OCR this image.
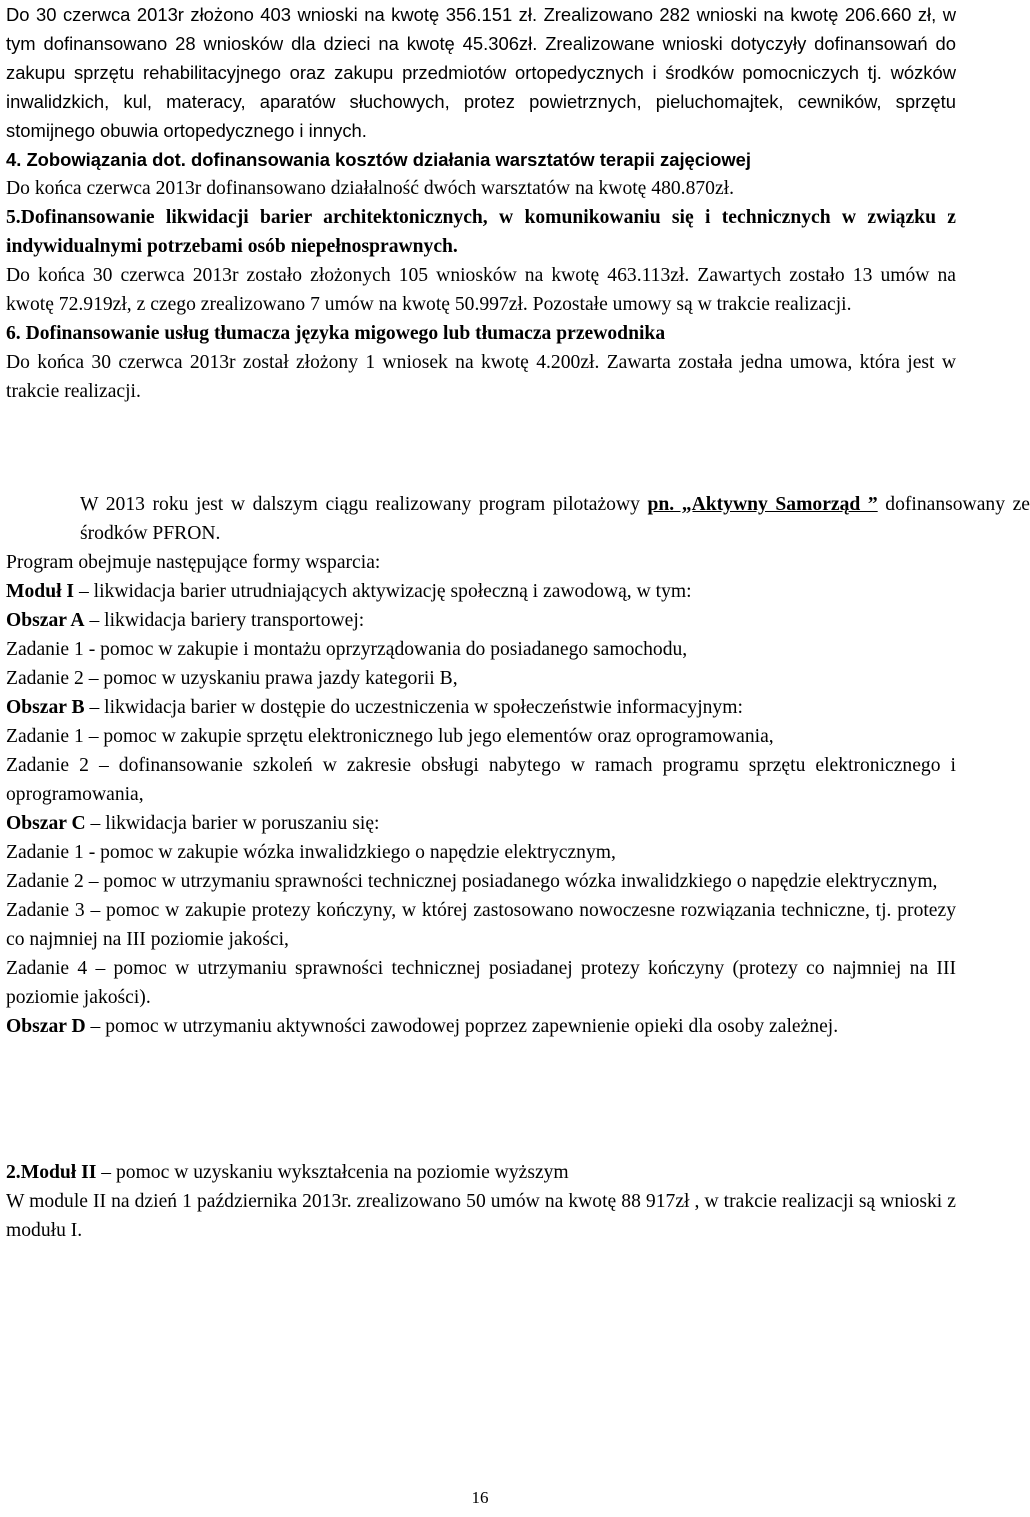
Do 30 czerwca 2013r złożono 403 wnioski na kwotę 356.151 zł. Zrealizowano 282 wnioski na kwotę 206.660 zł, w tym dofinansowano 28 wniosków dla dzieci na kwotę 45.306zł. Zrealizowane wnioski dotyczyły dofinansowań do zakupu sprzętu rehabilitacyjnego oraz zakupu przedmiotów ortopedycznych i środków pomocniczych tj. wózków inwalidzkich, kul, materacy, aparatów słuchowych, protez powietrznych, pieluchomajtek, cewników, sprzętu stomijnego obuwia ortopedycznego i innych.

4. Zobowiązania dot. dofinansowania kosztów działania warsztatów terapii zajęciowej

Do końca czerwca 2013r dofinansowano działalność dwóch warsztatów na kwotę 480.870zł.

5.Dofinansowanie likwidacji barier architektonicznych, w komunikowaniu się i technicznych w związku z indywidualnymi potrzebami osób niepełnosprawnych.

Do końca 30 czerwca 2013r zostało złożonych 105 wniosków na kwotę 463.113zł. Zawartych zostało 13 umów na kwotę 72.919zł, z czego zrealizowano 7 umów na kwotę 50.997zł. Pozostałe umowy są w trakcie realizacji.

6. Dofinansowanie usług tłumacza języka migowego lub tłumacza przewodnika

Do końca 30 czerwca 2013r został złożony 1 wniosek na kwotę 4.200zł. Zawarta została jedna umowa, która jest w trakcie realizacji.

W 2013 roku jest w dalszym ciągu realizowany program pilotażowy pn. „Aktywny Samorząd ” dofinansowany ze środków PFRON.

Program obejmuje następujące formy wsparcia:

Moduł I – likwidacja barier utrudniających aktywizację społeczną i zawodową, w tym:

Obszar A – likwidacja bariery transportowej:

Zadanie 1 - pomoc w zakupie i montażu oprzyrządowania do posiadanego samochodu,

Zadanie 2 – pomoc w uzyskaniu prawa jazdy kategorii B,

Obszar B – likwidacja barier w dostępie do uczestniczenia w społeczeństwie informacyjnym:

Zadanie 1 – pomoc w zakupie sprzętu elektronicznego lub jego elementów oraz oprogramowania,

Zadanie 2 – dofinansowanie szkoleń w zakresie obsługi nabytego w ramach programu sprzętu elektronicznego i oprogramowania,

Obszar C – likwidacja barier w poruszaniu się:

Zadanie 1 - pomoc w zakupie wózka inwalidzkiego o napędzie elektrycznym,

Zadanie 2 – pomoc w utrzymaniu sprawności technicznej posiadanego wózka inwalidzkiego o napędzie elektrycznym,

Zadanie 3 – pomoc w zakupie protezy kończyny, w której zastosowano nowoczesne rozwiązania techniczne, tj. protezy co najmniej na III poziomie jakości,

Zadanie 4 – pomoc w utrzymaniu sprawności technicznej posiadanej protezy kończyny (protezy co najmniej na III poziomie jakości).

Obszar D – pomoc w utrzymaniu aktywności zawodowej poprzez zapewnienie opieki dla osoby zależnej.

2.Moduł II – pomoc w uzyskaniu wykształcenia na poziomie wyższym

W module II na dzień 1 października 2013r. zrealizowano 50 umów na kwotę 88 917zł , w trakcie realizacji są wnioski z modułu I.

16
